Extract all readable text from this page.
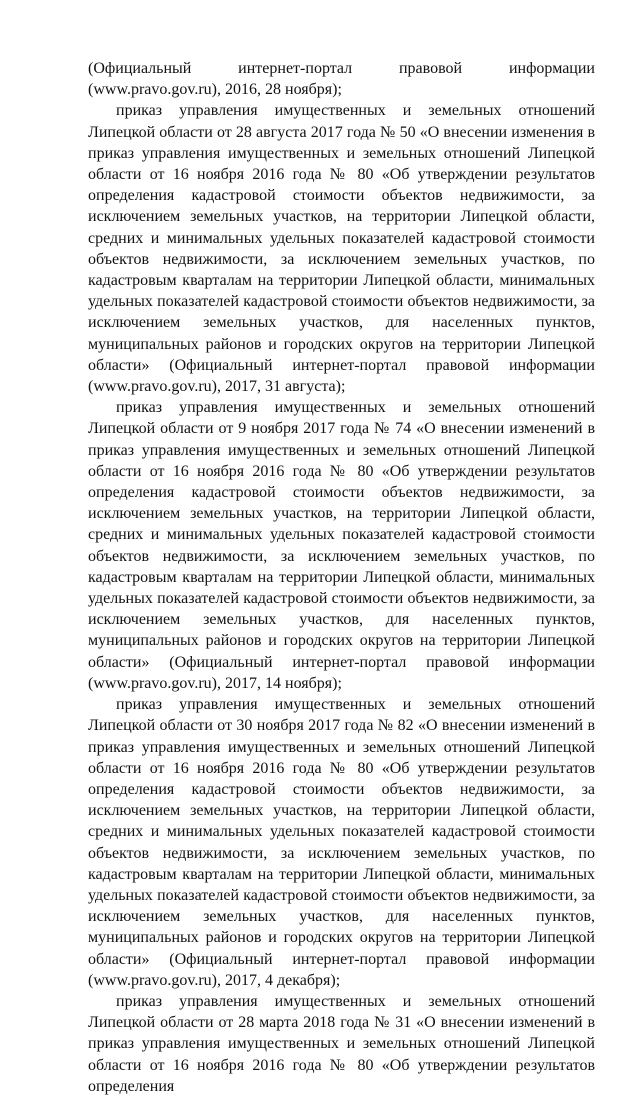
(Официальный интернет-портал правовой информации (www.pravo.gov.ru), 2016, 28 ноября);

приказ управления имущественных и земельных отношений Липецкой области от 28 августа 2017 года № 50 «О внесении изменения в приказ управления имущественных и земельных отношений Липецкой области от 16 ноября 2016 года № 80 «Об утверждении результатов определения кадастровой стоимости объектов недвижимости, за исключением земельных участков, на территории Липецкой области, средних и минимальных удельных показателей кадастровой стоимости объектов недвижимости, за исключением земельных участков, по кадастровым кварталам на территории Липецкой области, минимальных удельных показателей кадастровой стоимости объектов недвижимости, за исключением земельных участков, для населенных пунктов, муниципальных районов и городских округов на территории Липецкой области» (Официальный интернет-портал правовой информации (www.pravo.gov.ru), 2017, 31 августа);

приказ управления имущественных и земельных отношений Липецкой области от 9 ноября 2017 года № 74 «О внесении изменений в приказ управления имущественных и земельных отношений Липецкой области от 16 ноября 2016 года № 80 «Об утверждении результатов определения кадастровой стоимости объектов недвижимости, за исключением земельных участков, на территории Липецкой области, средних и минимальных удельных показателей кадастровой стоимости объектов недвижимости, за исключением земельных участков, по кадастровым кварталам на территории Липецкой области, минимальных удельных показателей кадастровой стоимости объектов недвижимости, за исключением земельных участков, для населенных пунктов, муниципальных районов и городских округов на территории Липецкой области» (Официальный интернет-портал правовой информации (www.pravo.gov.ru), 2017, 14 ноября);

приказ управления имущественных и земельных отношений Липецкой области от 30 ноября 2017 года № 82 «О внесении изменений в приказ управления имущественных и земельных отношений Липецкой области от 16 ноября 2016 года № 80 «Об утверждении результатов определения кадастровой стоимости объектов недвижимости, за исключением земельных участков, на территории Липецкой области, средних и минимальных удельных показателей кадастровой стоимости объектов недвижимости, за исключением земельных участков, по кадастровым кварталам на территории Липецкой области, минимальных удельных показателей кадастровой стоимости объектов недвижимости, за исключением земельных участков, для населенных пунктов, муниципальных районов и городских округов на территории Липецкой области» (Официальный интернет-портал правовой информации (www.pravo.gov.ru), 2017, 4 декабря);

приказ управления имущественных и земельных отношений Липецкой области от 28 марта 2018 года № 31 «О внесении изменений в приказ управления имущественных и земельных отношений Липецкой области от 16 ноября 2016 года № 80 «Об утверждении результатов определения
